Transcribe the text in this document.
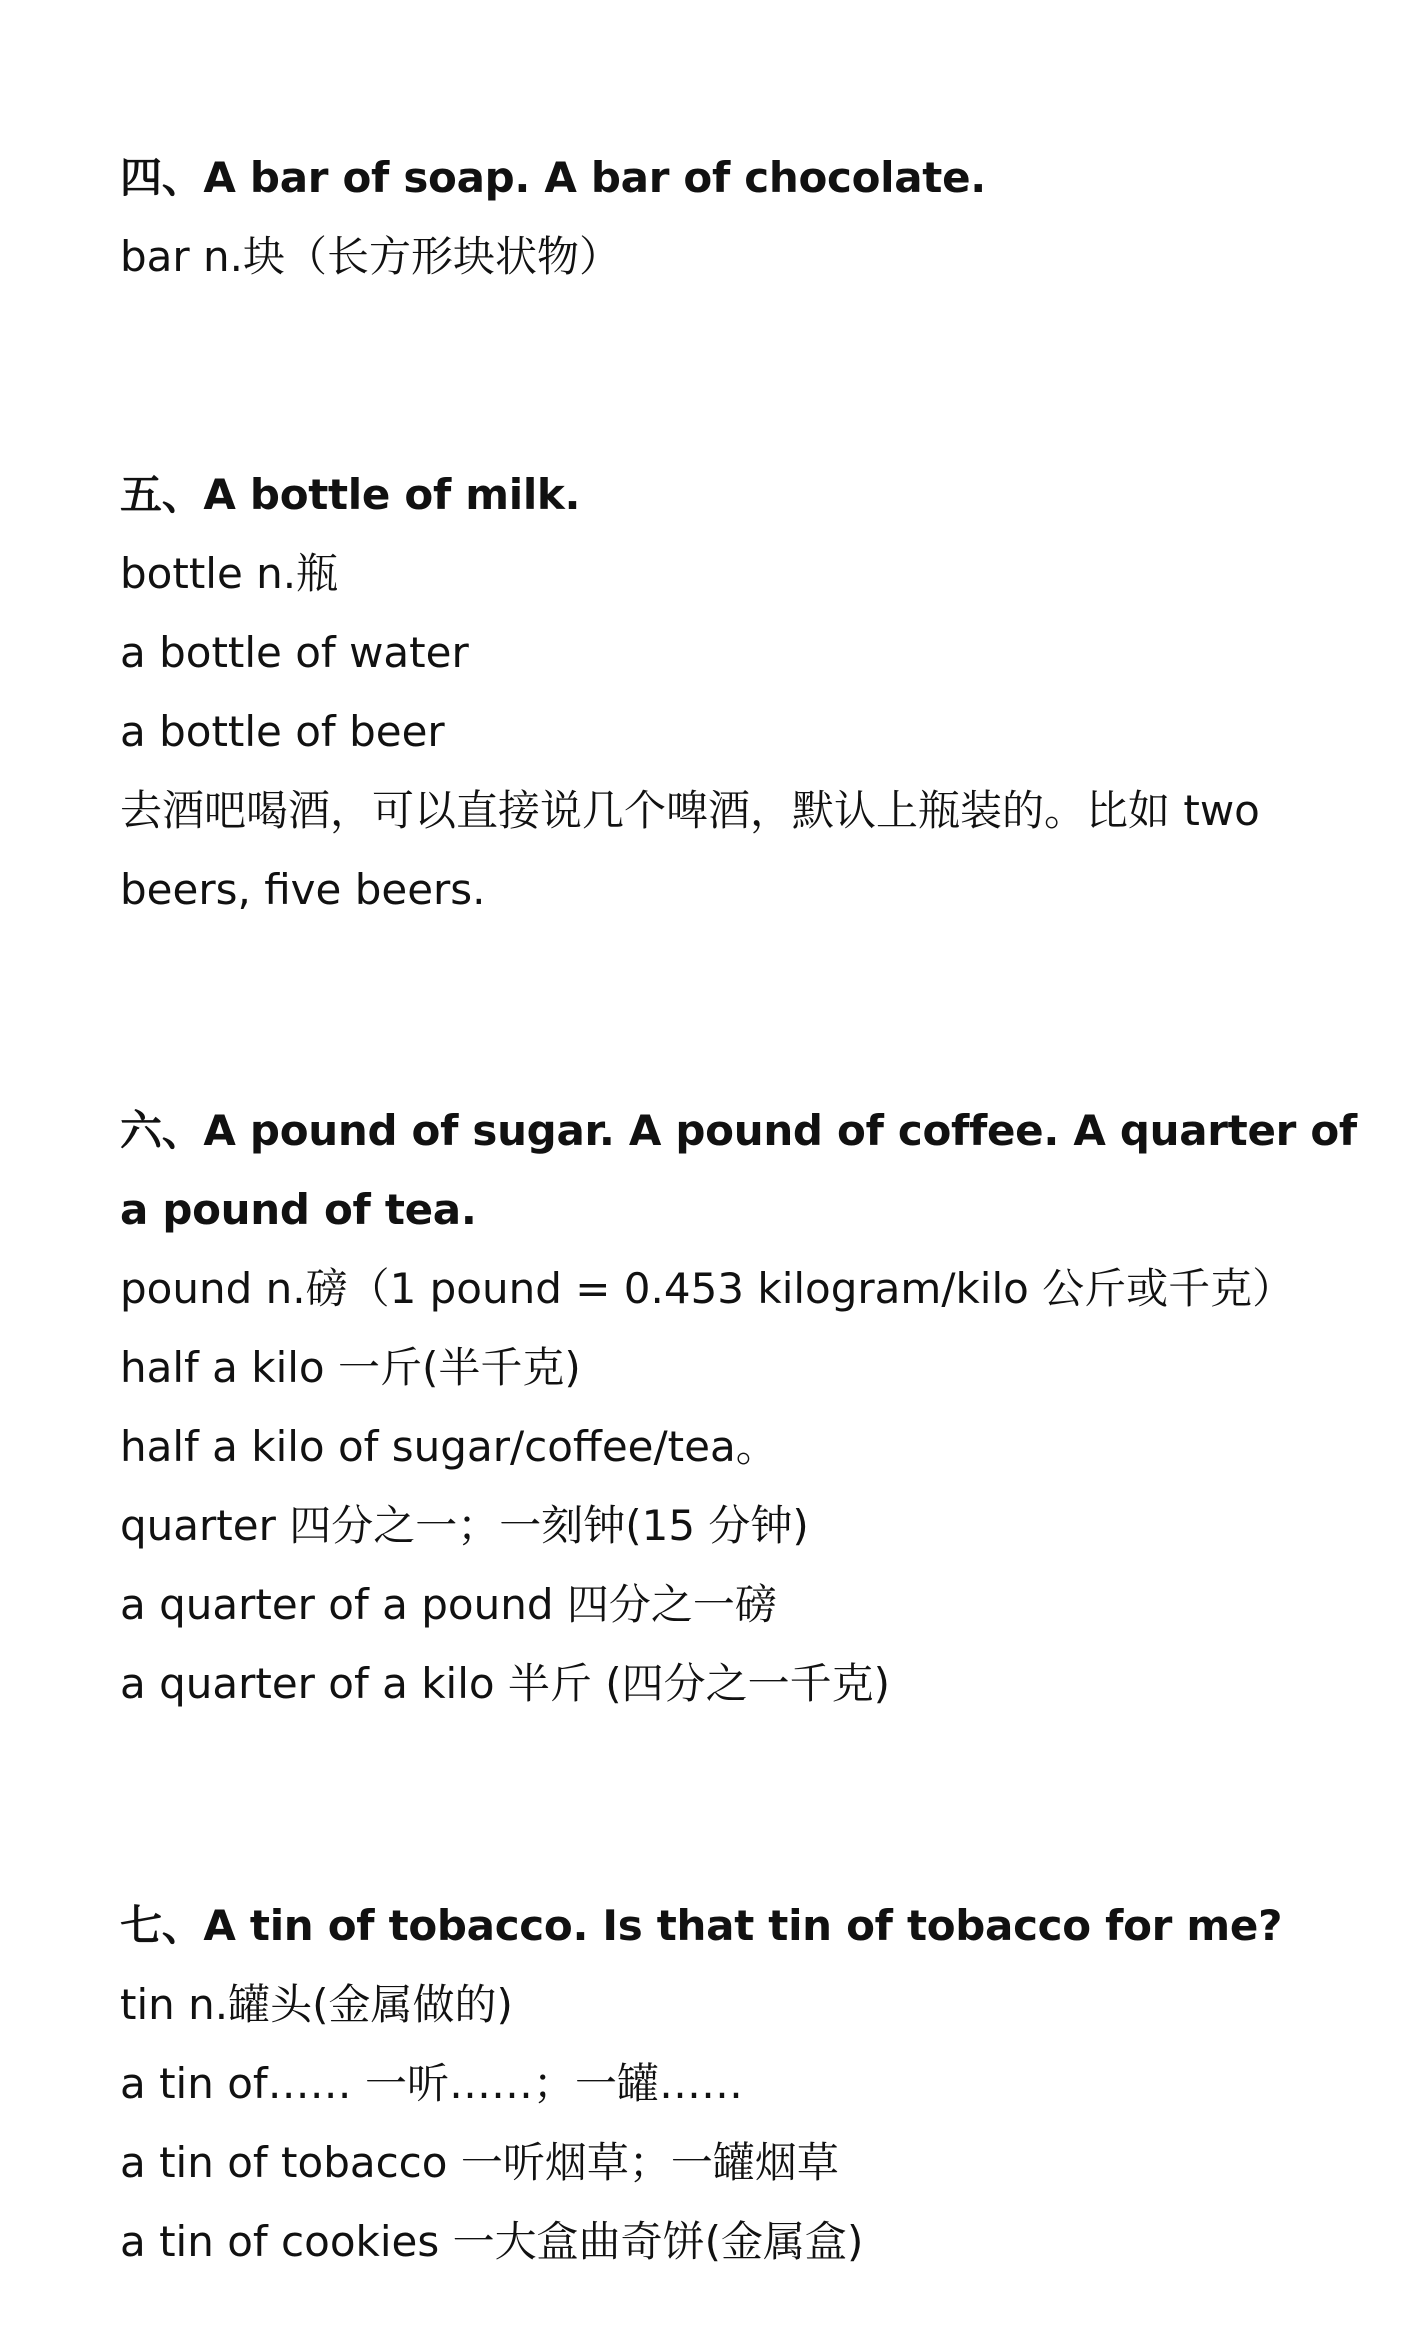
四、A bar of soap. A bar of chocolate.

bar n.块（长方形块状物）

五、A bottle of milk.

bottle n.瓶

a bottle of water

a bottle of beer

去酒吧喝酒，可以直接说几个啤酒，默认上瓶装的。比如 two

beers, five beers.

六、A pound of sugar. A pound of coffee. A quarter of

a pound of tea.

pound n.磅（1 pound = 0.453 kilogram/kilo 公斤或千克）

half a kilo 一斤(半千克)

half a kilo of sugar/coffee/tea。

quarter 四分之一；一刻钟(15 分钟)

a quarter of a pound 四分之一磅

a quarter of a kilo 半斤 (四分之一千克)

七、A tin of tobacco. Is that tin of tobacco for me?

tin n.罐头(金属做的)

a tin of…… 一听……；一罐……

a tin of tobacco 一听烟草；一罐烟草

a tin of cookies 一大盒曲奇饼(金属盒)
